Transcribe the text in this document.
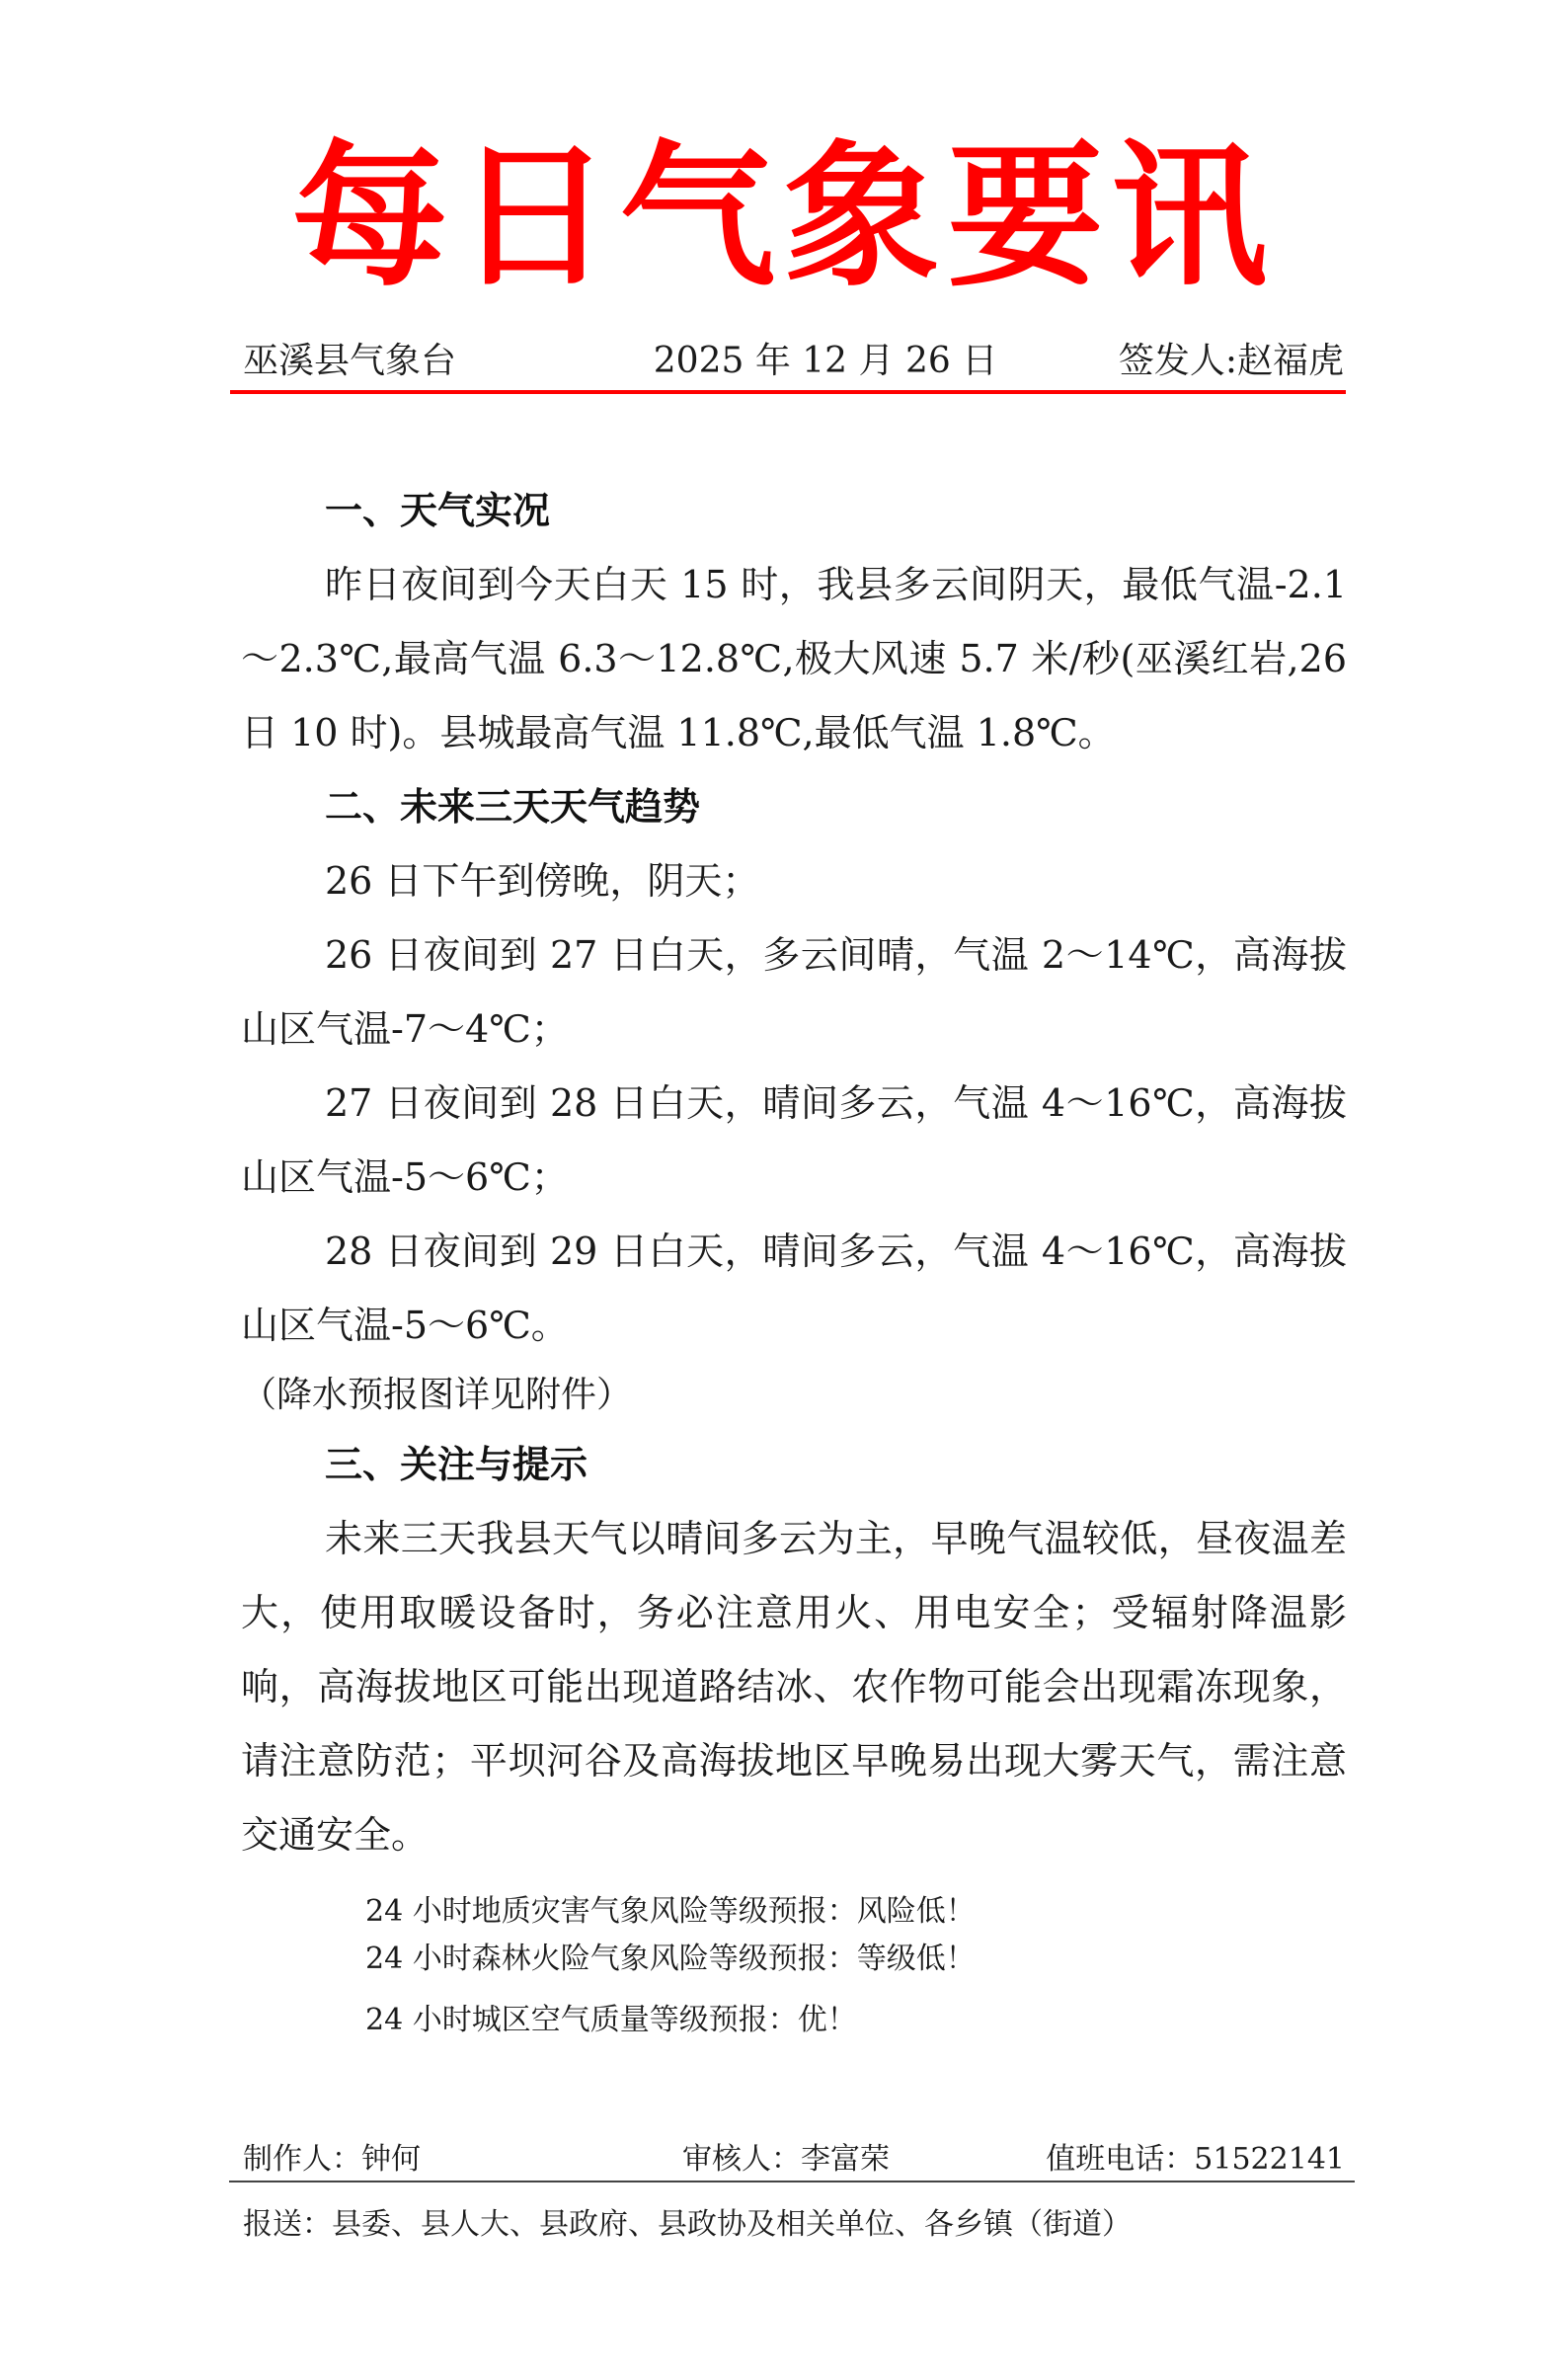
每日气象要讯
巫溪县气象台	2025 年 12 月 26 日	签发人:赵福虎

一、天气实况

昨日夜间到今天白天 15 时，我县多云间阴天，最低气温-2.1～2.3℃,最高气温 6.3～12.8℃,极大风速 5.7 米/秒(巫溪红岩,26 日 10 时)。县城最高气温 11.8℃,最低气温 1.8℃。

二、未来三天天气趋势

26 日下午到傍晚，阴天；

26 日夜间到 27 日白天，多云间晴，气温 2～14℃，高海拔山区气温-7～4℃；

27 日夜间到 28 日白天，晴间多云，气温 4～16℃，高海拔山区气温-5～6℃；

28 日夜间到 29 日白天，晴间多云，气温 4～16℃，高海拔山区气温-5～6℃。

（降水预报图详见附件）

三、关注与提示

未来三天我县天气以晴间多云为主，早晚气温较低，昼夜温差大，使用取暖设备时，务必注意用火、用电安全；受辐射降温影响，高海拔地区可能出现道路结冰、农作物可能会出现霜冻现象，请注意防范；平坝河谷及高海拔地区早晚易出现大雾天气，需注意交通安全。

24 小时地质灾害气象风险等级预报：风险低！
24 小时森林火险气象风险等级预报：等级低！
24 小时城区空气质量等级预报：优！
制作人：钟何	审核人：李富荣	值班电话：51522141
报送：县委、县人大、县政府、县政协及相关单位、各乡镇（街道）
